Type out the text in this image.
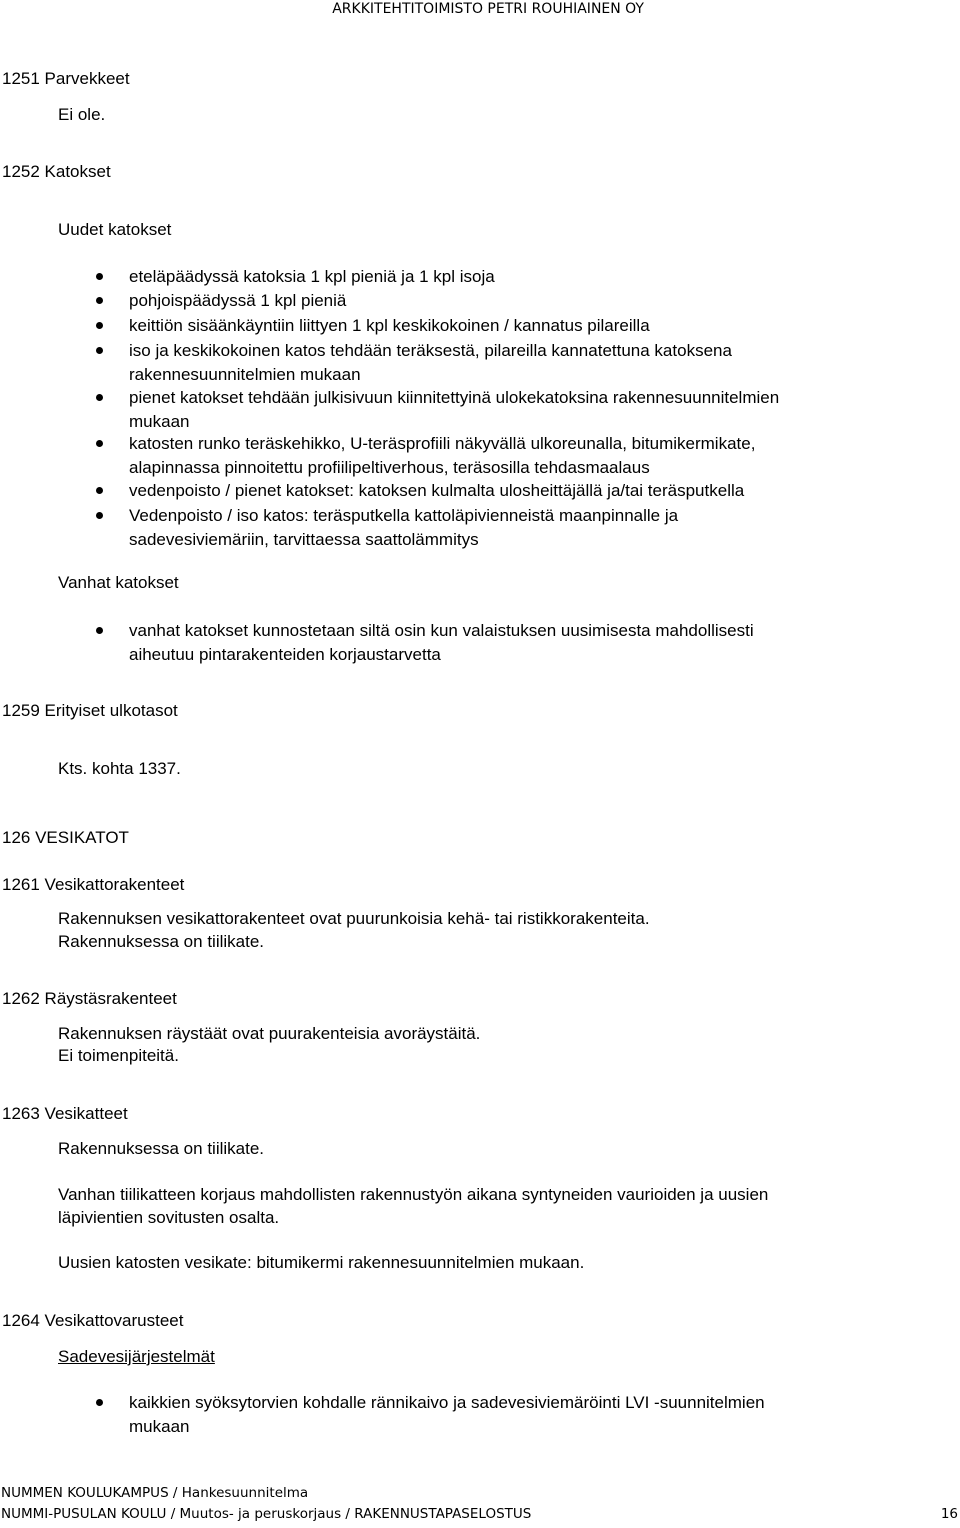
ARKKITEHTITOIMISTO PETRI ROUHIAINEN OY
1251 Parvekkeet
Ei ole.
1252 Katokset
Uudet katokset
eteläpäädyssä katoksia 1 kpl pieniä ja 1 kpl isoja
pohjoispäädyssä 1 kpl pieniä
keittiön sisäänkäyntiin liittyen 1 kpl keskikokoinen / kannatus pilareilla
iso ja keskikokoinen katos tehdään teräksestä, pilareilla kannatettuna katoksena
rakennesuunnitelmien mukaan
pienet katokset tehdään julkisivuun kiinnitettyinä ulokekatoksina rakennesuunnitelmien
mukaan
katosten runko teräskehikko, U-teräsprofiili näkyvällä ulkoreunalla, bitumikermikate,
alapinnassa pinnoitettu profiilipeltiverhous, teräsosilla tehdasmaalaus
vedenpoisto / pienet katokset: katoksen kulmalta ulosheittäjällä ja/tai teräsputkella
Vedenpoisto / iso katos: teräsputkella kattoläpivienneistä maanpinnalle ja
sadevesiviemäriin, tarvittaessa saattolämmitys
Vanhat katokset
vanhat katokset kunnostetaan siltä osin kun valaistuksen uusimisesta mahdollisesti
aiheutuu pintarakenteiden korjaustarvetta
1259 Erityiset ulkotasot
Kts. kohta 1337.
126 VESIKATOT
1261 Vesikattorakenteet
Rakennuksen vesikattorakenteet ovat puurunkoisia kehä- tai ristikkorakenteita.
Rakennuksessa on tiilikate.
1262 Räystäsrakenteet
Rakennuksen räystäät ovat puurakenteisia avoräystäitä.
Ei toimenpiteitä.
1263 Vesikatteet
Rakennuksessa on tiilikate.
Vanhan tiilikatteen korjaus mahdollisten rakennustyön aikana syntyneiden vaurioiden ja uusien
läpivientien sovitusten osalta.
Uusien katosten vesikate: bitumikermi rakennesuunnitelmien mukaan.
1264 Vesikattovarusteet
Sadevesijärjestelmät
kaikkien syöksytorvien kohdalle rännikaivo ja sadevesiviemäröinti LVI -suunnitelmien
mukaan
NUMMEN KOULUKAMPUS / Hankesuunnitelma
NUMMI-PUSULAN KOULU / Muutos- ja peruskorjaus / RAKENNUSTAPASELOSTUS	16
